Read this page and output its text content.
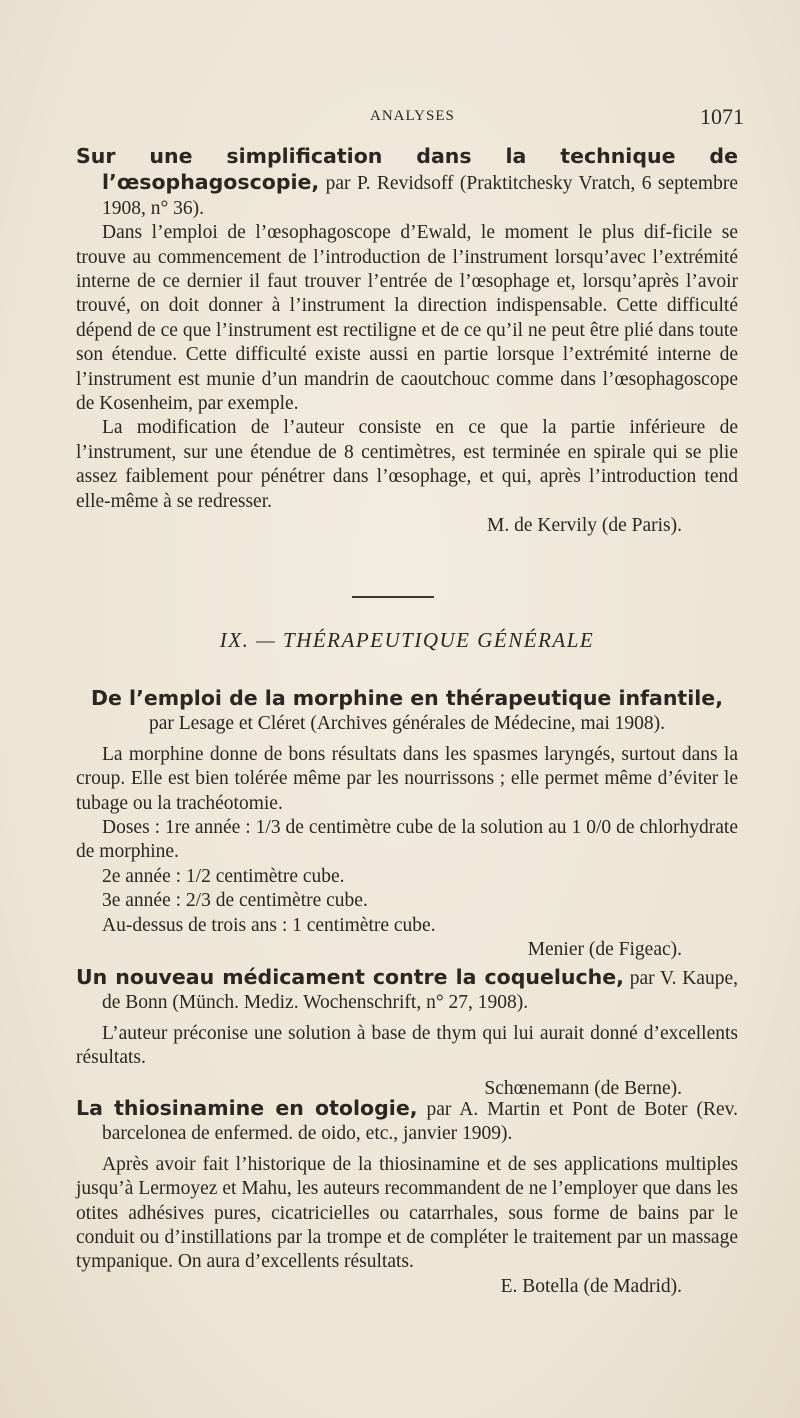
ANALYSES	1071

Sur une simplification dans la technique de l’œsophagoscopie, par P. Revidsoff (Praktitchesky Vratch, 6 septembre 1908, n° 36).

Dans l’emploi de l’œsophagoscope d’Ewald, le moment le plus dif-ficile se trouve au commencement de l’introduction de l’instrument lorsqu’avec l’extrémité interne de ce dernier il faut trouver l’entrée de l’œsophage et, lorsqu’après l’avoir trouvé, on doit donner à l’instrument la direction indispensable. Cette difficulté dépend de ce que l’instrument est rectiligne et de ce qu’il ne peut être plié dans toute son étendue. Cette difficulté existe aussi en partie lorsque l’extrémité interne de l’instrument est munie d’un mandrin de caoutchouc comme dans l’œsophagoscope de Kosenheim, par exemple.

La modification de l’auteur consiste en ce que la partie inférieure de l’instrument, sur une étendue de 8 centimètres, est terminée en spirale qui se plie assez faiblement pour pénétrer dans l’œsophage, et qui, après l’introduction tend elle-même à se redresser.

M. de Kervily (de Paris).

IX. — THÉRAPEUTIQUE GÉNÉRALE

De l’emploi de la morphine en thérapeutique infantile,

par Lesage et Cléret (Archives générales de Médecine, mai 1908).

La morphine donne de bons résultats dans les spasmes laryngés, surtout dans la croup. Elle est bien tolérée même par les nourrissons ; elle permet même d’éviter le tubage ou la trachéotomie.

Doses : 1re année : 1/3 de centimètre cube de la solution au 1 0/0 de chlorhydrate de morphine.

2e année : 1/2 centimètre cube.

3e année : 2/3 de centimètre cube.

Au-dessus de trois ans : 1 centimètre cube.

Menier (de Figeac).

Un nouveau médicament contre la coqueluche, par V. Kaupe, de Bonn (Münch. Mediz. Wochenschrift, n° 27, 1908).

L’auteur préconise une solution à base de thym qui lui aurait donné d’excellents résultats.

Schœnemann (de Berne).

La thiosinamine en otologie, par A. Martin et Pont de Boter (Rev. barcelonea de enfermed. de oido, etc., janvier 1909).

Après avoir fait l’historique de la thiosinamine et de ses applications multiples jusqu’à Lermoyez et Mahu, les auteurs recommandent de ne l’employer que dans les otites adhésives pures, cicatricielles ou catarrhales, sous forme de bains par le conduit ou d’instillations par la trompe et de compléter le traitement par un massage tympanique. On aura d’excellents résultats.

E. Botella (de Madrid).
